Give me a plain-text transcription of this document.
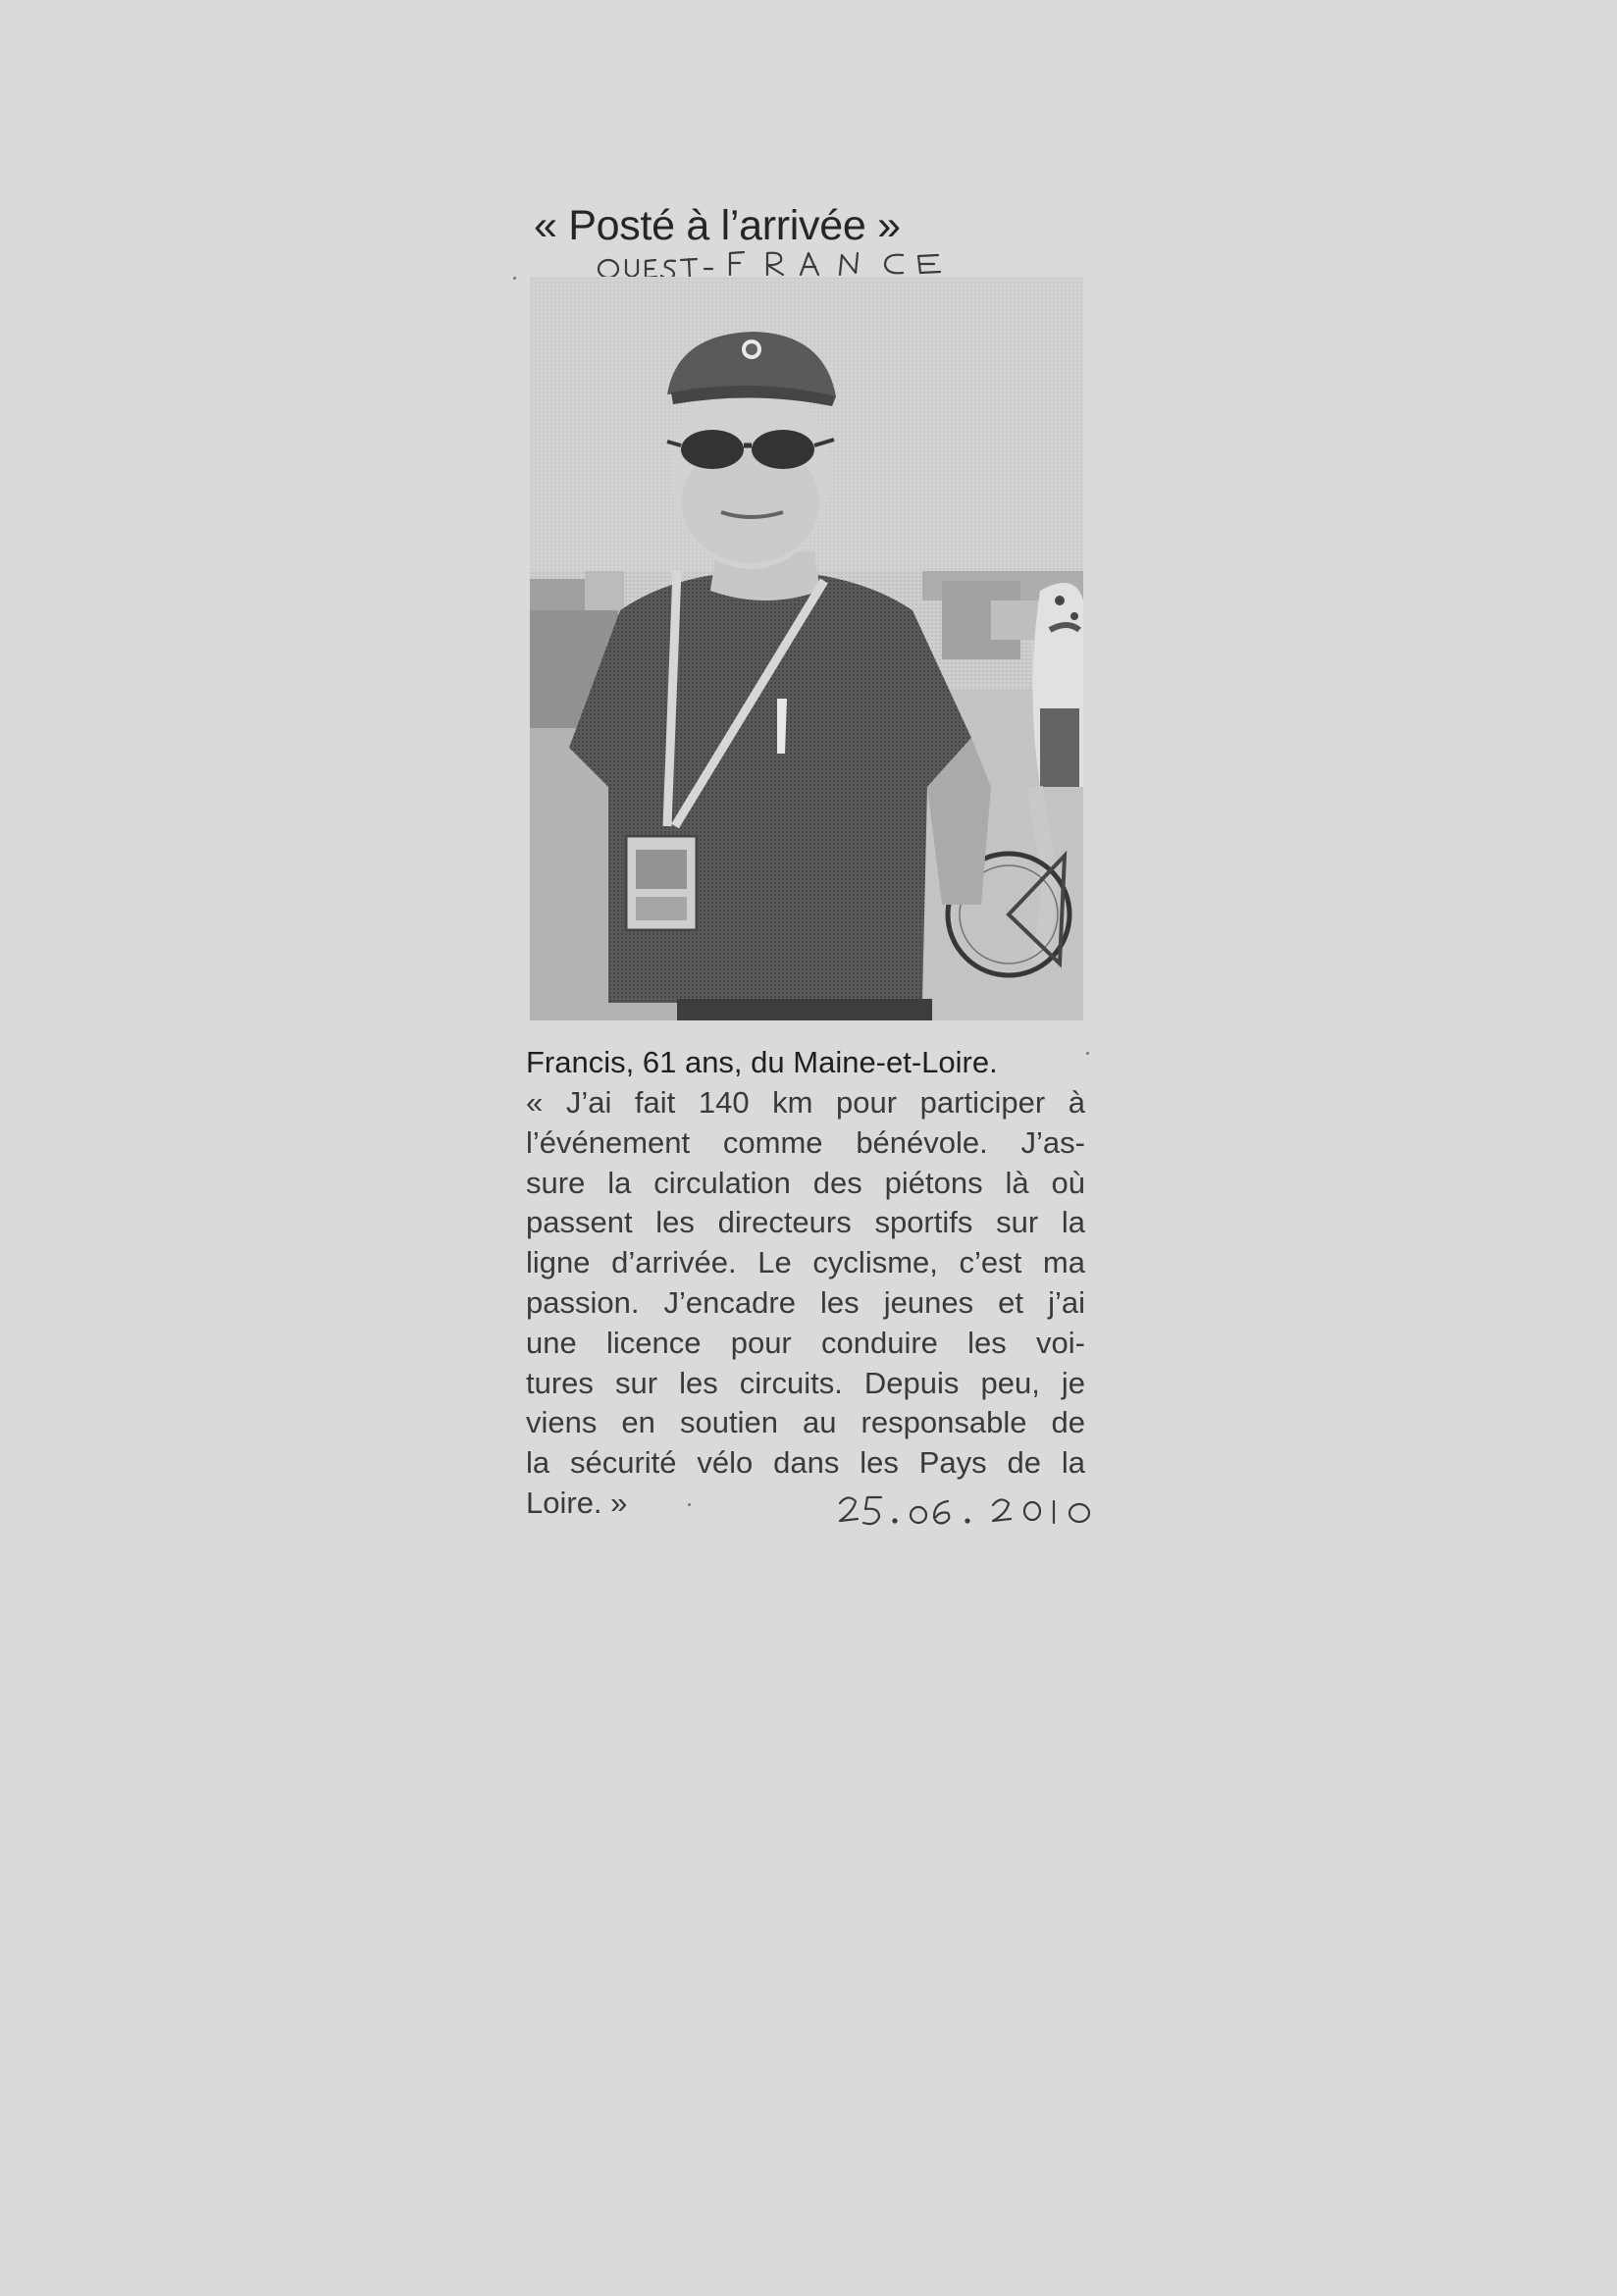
« Posté à l’arrivée »
Francis, 61 ans, du Maine-et-Loire.

« J’ai fait 140 km pour participer à
l’événement comme bénévole. J’as-
sure la circulation des piétons là où
passent les directeurs sportifs sur la
ligne d’arrivée. Le cyclisme, c’est ma
passion. J’encadre les jeunes et j’ai
une licence pour conduire les voi-
tures sur les circuits. Depuis peu, je
viens en soutien au responsable de
la sécurité vélo dans les Pays de la
Loire. »
